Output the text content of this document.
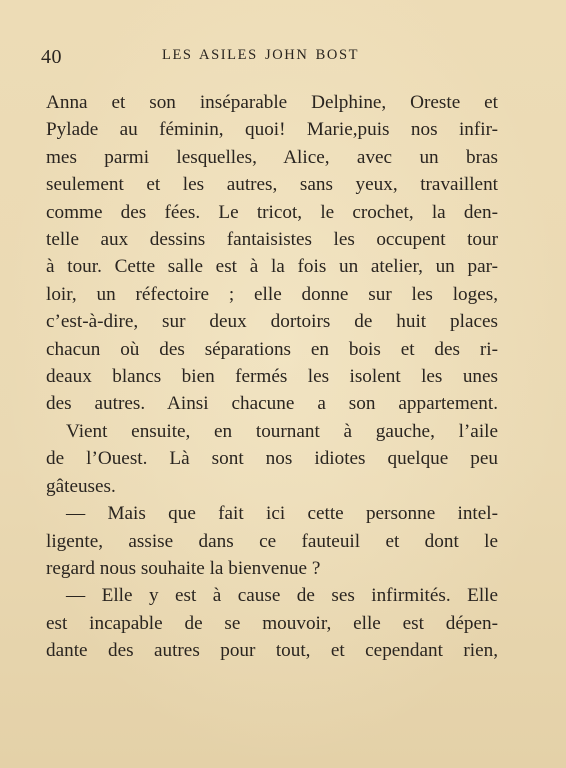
40	LES ASILES JOHN BOST
Anna et son inséparable Delphine, Oreste et
Pylade au féminin, quoi! Marie,puis nos infir-
mes parmi lesquelles, Alice, avec un bras
seulement et les autres, sans yeux, travaillent
comme des fées. Le tricot, le crochet, la den-
telle aux dessins fantaisistes les occupent tour
à tour. Cette salle est à la fois un atelier, un par-
loir, un réfectoire ; elle donne sur les loges,
c’est-à-dire, sur deux dortoirs de huit places
chacun où des séparations en bois et des ri-
deaux blancs bien fermés les isolent les unes
des autres. Ainsi chacune a son appartement.
Vient ensuite, en tournant à gauche, l’aile
de l’Ouest. Là sont nos idiotes quelque peu
gâteuses.
— Mais que fait ici cette personne intel-
ligente, assise dans ce fauteuil et dont le
regard nous souhaite la bienvenue ?
— Elle y est à cause de ses infirmités. Elle
est incapable de se mouvoir, elle est dépen-
dante des autres pour tout, et cependant rien,
